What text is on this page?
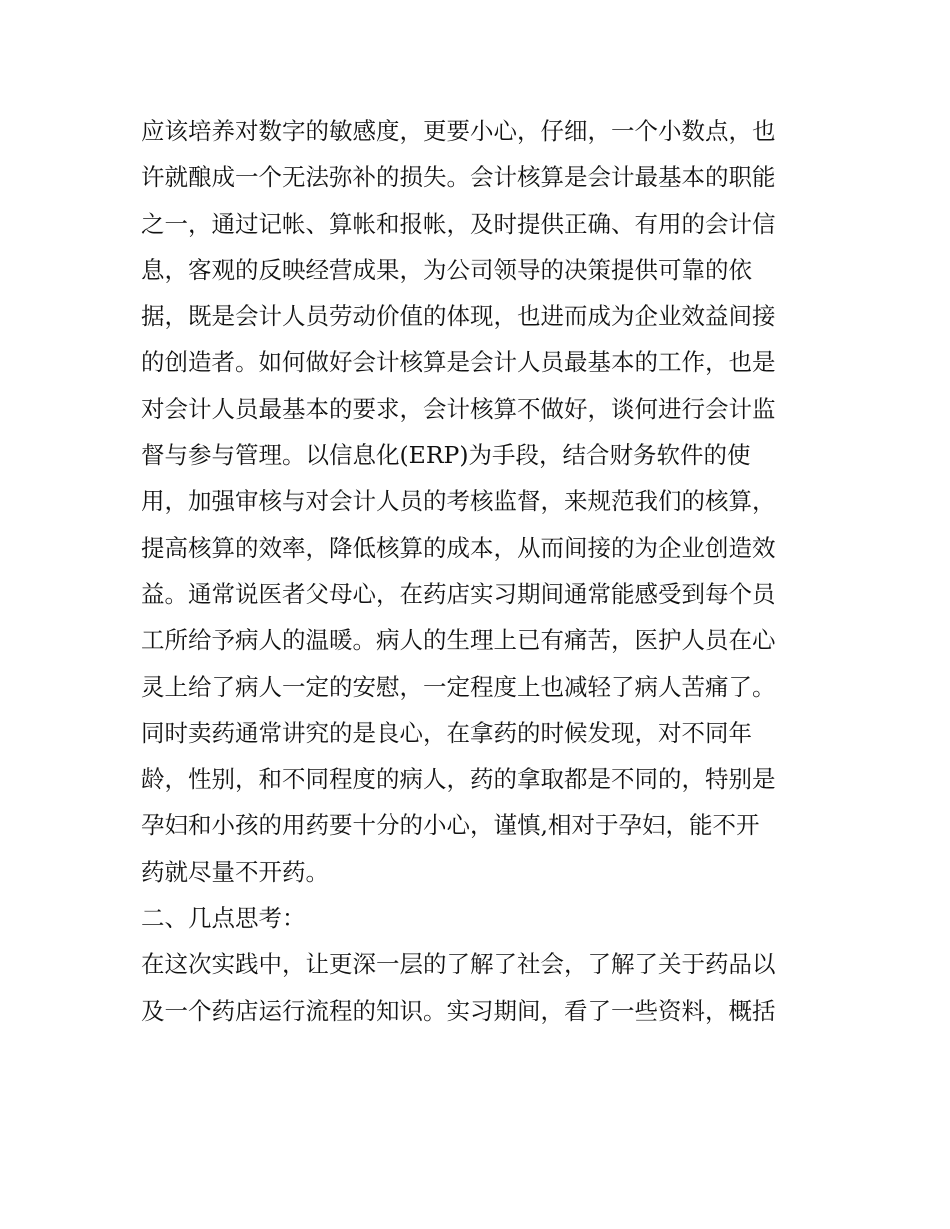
应该培养对数字的敏感度，更要小心，仔细，一个小数点，也
许就酿成一个无法弥补的损失。会计核算是会计最基本的职能
之一，通过记帐、算帐和报帐，及时提供正确、有用的会计信
息，客观的反映经营成果，为公司领导的决策提供可靠的依
据，既是会计人员劳动价值的体现，也进而成为企业效益间接
的创造者。如何做好会计核算是会计人员最基本的工作，也是
对会计人员最基本的要求，会计核算不做好，谈何进行会计监
督与参与管理。以信息化(ERP)为手段，结合财务软件的使
用，加强审核与对会计人员的考核监督，来规范我们的核算，
提高核算的效率，降低核算的成本，从而间接的为企业创造效
益。通常说医者父母心，在药店实习期间通常能感受到每个员
工所给予病人的温暖。病人的生理上已有痛苦，医护人员在心
灵上给了病人一定的安慰，一定程度上也减轻了病人苦痛了。
同时卖药通常讲究的是良心，在拿药的时候发现，对不同年
龄，性别，和不同程度的病人，药的拿取都是不同的，特别是
孕妇和小孩的用药要十分的小心，谨慎,相对于孕妇，能不开
药就尽量不开药。
二、几点思考：
在这次实践中，让更深一层的了解了社会，了解了关于药品以
及一个药店运行流程的知识。实习期间，看了一些资料，概括
